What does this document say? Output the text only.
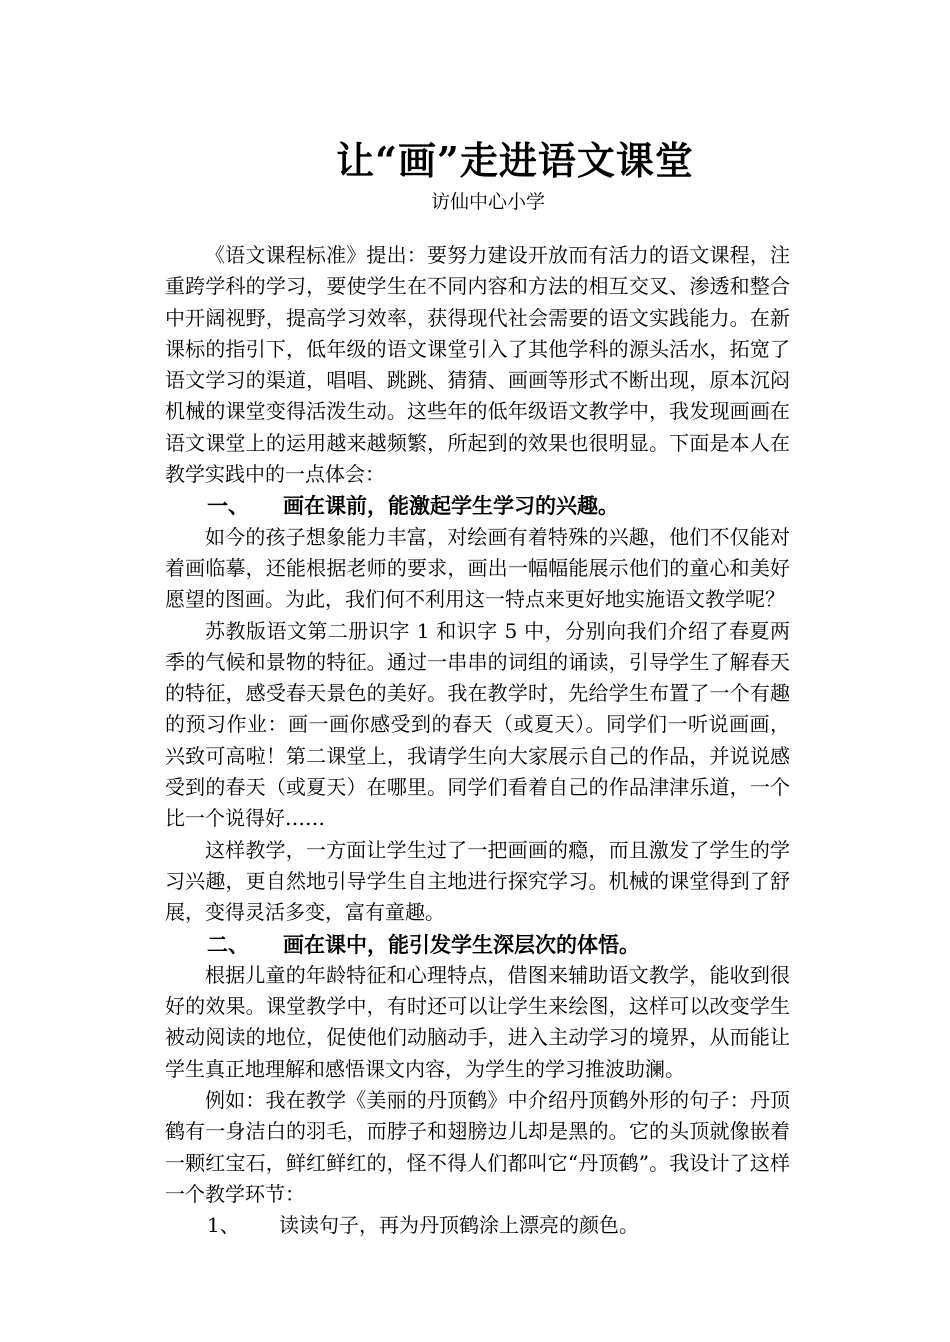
让“画”走进语文课堂
访仙中心小学

《语文课程标准》提出：要努力建设开放而有活力的语文课程，注重跨学科的学习，要使学生在不同内容和方法的相互交叉、渗透和整合中开阔视野，提高学习效率，获得现代社会需要的语文实践能力。在新课标的指引下，低年级的语文课堂引入了其他学科的源头活水，拓宽了语文学习的渠道，唱唱、跳跳、猜猜、画画等形式不断出现，原本沉闷机械的课堂变得活泼生动。这些年的低年级语文教学中，我发现画画在语文课堂上的运用越来越频繁，所起到的效果也很明显。下面是本人在教学实践中的一点体会：

一、 画在课前，能激起学生学习的兴趣。

如今的孩子想象能力丰富，对绘画有着特殊的兴趣，他们不仅能对着画临摹，还能根据老师的要求，画出一幅幅能展示他们的童心和美好愿望的图画。为此，我们何不利用这一特点来更好地实施语文教学呢？

苏教版语文第二册识字 1 和识字 5 中，分别向我们介绍了春夏两季的气候和景物的特征。通过一串串的词组的诵读，引导学生了解春天的特征，感受春天景色的美好。我在教学时，先给学生布置了一个有趣的预习作业：画一画你感受到的春天（或夏天）。同学们一听说画画，兴致可高啦！第二课堂上，我请学生向大家展示自己的作品，并说说感受到的春天（或夏天）在哪里。同学们看着自己的作品津津乐道，一个比一个说得好……

这样教学，一方面让学生过了一把画画的瘾，而且激发了学生的学习兴趣，更自然地引导学生自主地进行探究学习。机械的课堂得到了舒展，变得灵活多变，富有童趣。

二、 画在课中，能引发学生深层次的体悟。

根据儿童的年龄特征和心理特点，借图来辅助语文教学，能收到很好的效果。课堂教学中，有时还可以让学生来绘图，这样可以改变学生被动阅读的地位，促使他们动脑动手，进入主动学习的境界，从而能让学生真正地理解和感悟课文内容，为学生的学习推波助澜。

例如：我在教学《美丽的丹顶鹤》中介绍丹顶鹤外形的句子：丹顶鹤有一身洁白的羽毛，而脖子和翅膀边儿却是黑的。它的头顶就像嵌着一颗红宝石，鲜红鲜红的，怪不得人们都叫它“丹顶鹤”。我设计了这样一个教学环节：

1、 读读句子，再为丹顶鹤涂上漂亮的颜色。
